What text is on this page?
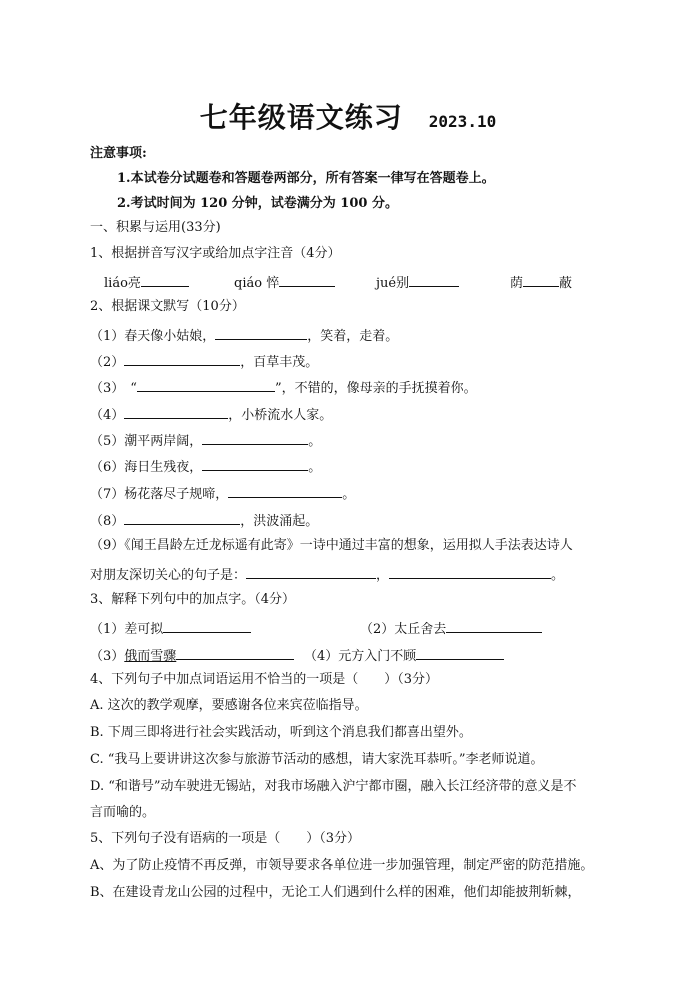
七年级语文练习 2023.10
注意事项:
1.本试卷分试题卷和答题卷两部分，所有答案一律写在答题卷上。
2.考试时间为 120 分钟，试卷满分为 100 分。
一、积累与运用(33分)
1、根据拼音写汉字或给加点字注音（4分）
liáo亮	qiáo 悴	jué别	荫	蔽
2、根据课文默写（10分）
（1）春天像小姑娘，	，笑着，走着。
（2）	，百草丰茂。
（3） “	”，不错的，像母亲的手抚摸着你。
（4）	，小桥流水人家。
（5）潮平两岸阔，	。
（6）海日生残夜，	。
（7）杨花落尽子规啼，	。
（8）	，洪波涌起。
（9）《闻王昌龄左迁龙标遥有此寄》一诗中通过丰富的想象，运用拟人手法表达诗人
对朋友深切关心的句子是：	，	。
3、解释下列句中的加点字。（4分）
（1）差可拟	（2）太丘舍去
（3）俄而雪骤	（4）元方入门不顾
4、下列句子中加点词语运用不恰当的一项是（　　）（3分）
A. 这次的教学观摩，要感谢各位来宾莅临指导。
B. 下周三即将进行社会实践活动，听到这个消息我们都喜出望外。
C. “我马上要讲讲这次参与旅游节活动的感想，请大家洗耳恭听。”李老师说道。
D. “和谐号”动车驶进无锡站，对我市场融入沪宁都市圈，融入长江经济带的意义是不
言而喻的。
5、下列句子没有语病的一项是（　　）（3分）
A、为了防止疫情不再反弹，市领导要求各单位进一步加强管理，制定严密的防范措施。
B、在建设青龙山公园的过程中，无论工人们遇到什么样的困难，他们却能披荆斩棘，
